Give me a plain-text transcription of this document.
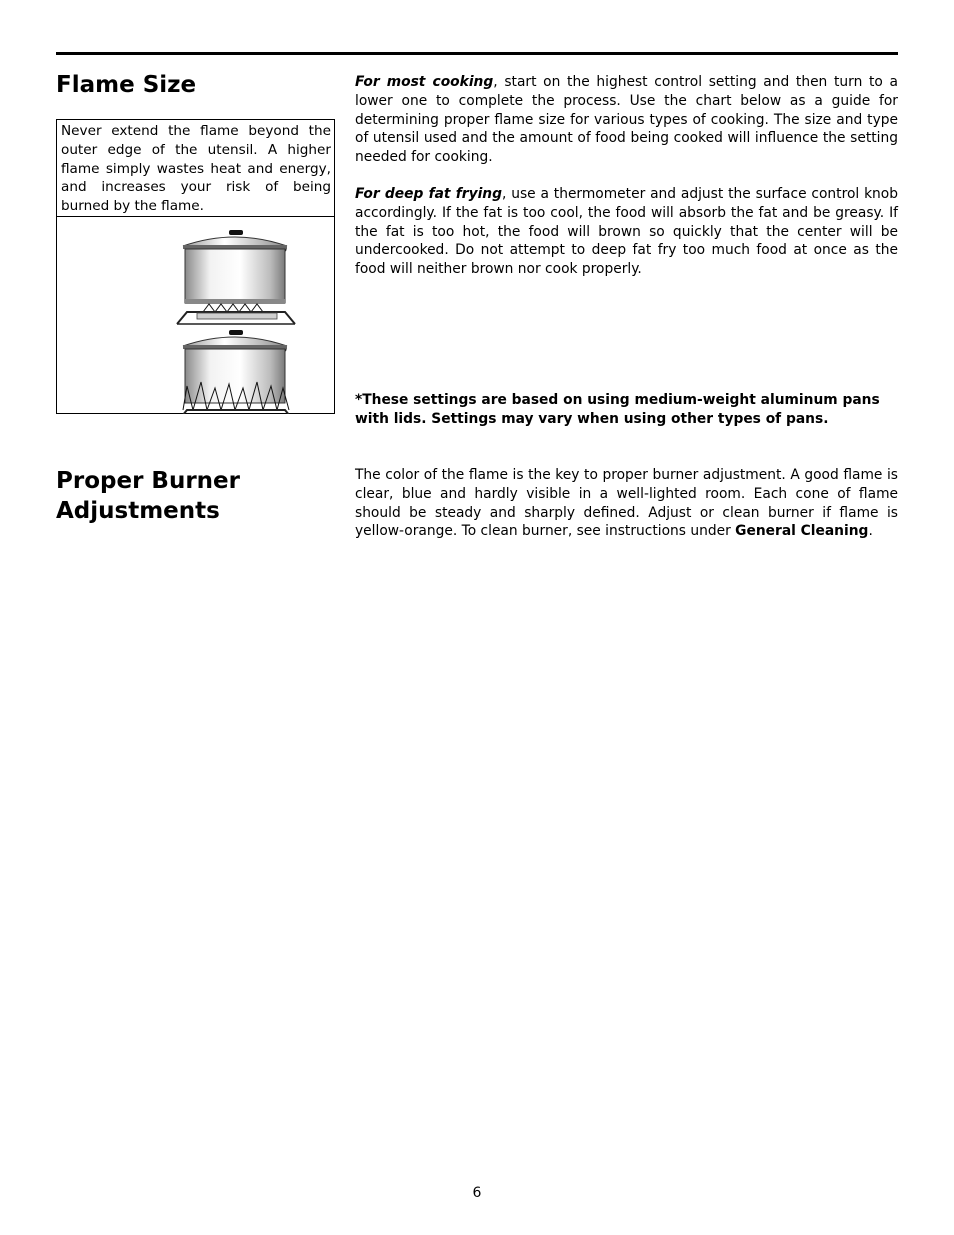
Flame Size

Never extend the flame beyond the outer edge of the utensil. A higher flame simply wastes heat and energy, and increases your risk of being burned by the flame.

For most cooking, start on the highest control setting and then turn to a lower one to complete the process. Use the chart below as a guide for determining proper flame size for various types of cooking. The size and type of utensil used and the amount of food being cooked will influence the setting needed for cooking.

For deep fat frying, use a thermometer and adjust the surface control knob accordingly. If the fat is too cool, the food will absorb the fat and be greasy. If the fat is too hot, the food will brown so quickly that the center will be undercooked. Do not attempt to deep fat fry too much food at once as the food will neither brown nor cook properly.

*These settings are based on using medium-weight aluminum pans with lids. Settings may vary when using other types of pans.

Proper Burner Adjustments

The color of the flame is the key to proper burner adjustment. A good flame is clear, blue and hardly visible in a well-lighted room. Each cone of flame should be steady and sharply defined. Adjust or clean burner if flame is yellow-orange. To clean burner, see instructions under General Cleaning.

6
